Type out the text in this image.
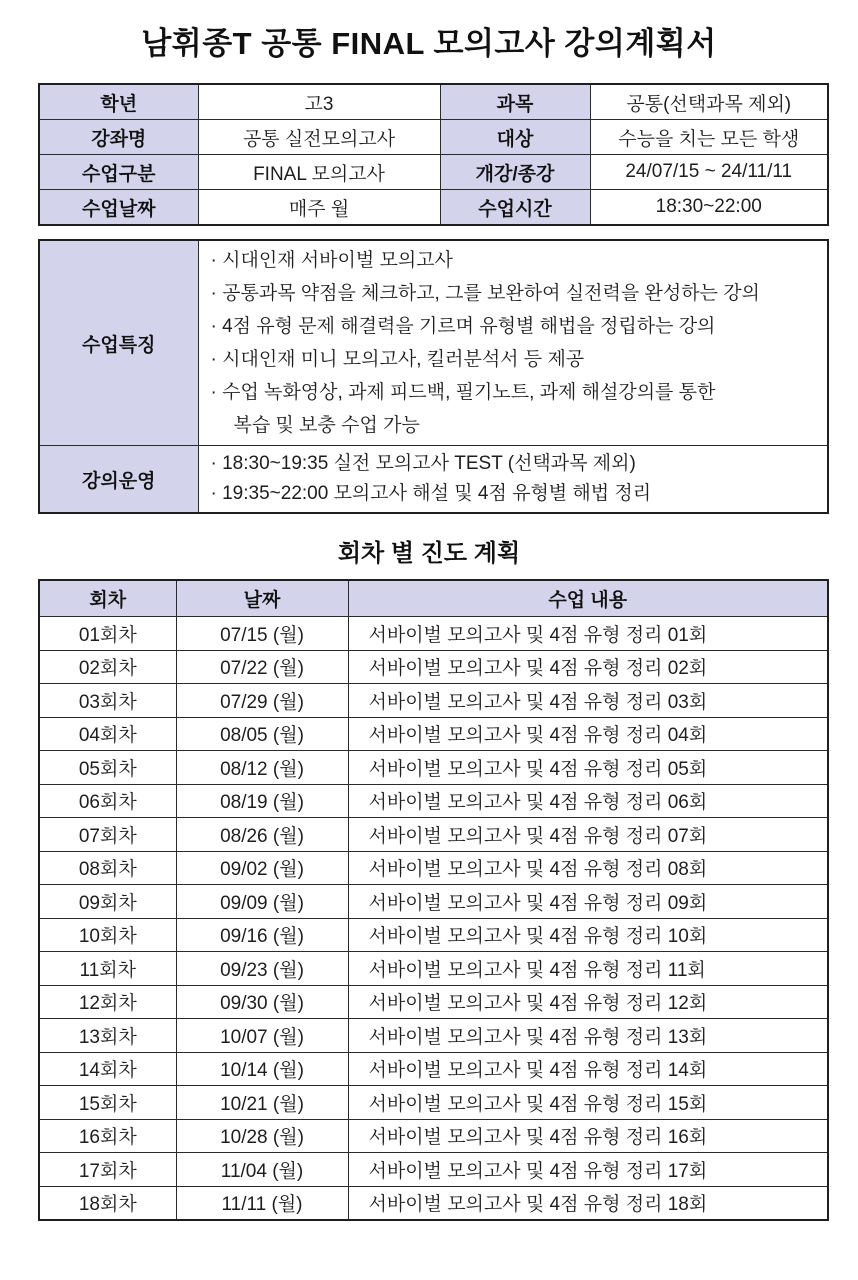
남휘종T 공통 FINAL 모의고사 강의계획서
학년	고3	과목	공통(선택과목 제외)
강좌명	공통 실전모의고사	대상	수능을 치는 모든 학생
수업구분	FINAL 모의고사	개강/종강	24/07/15 ~ 24/11/11
수업날짜	매주 월	수업시간	18:30~22:00
수업특징	
· 시대인재 서바이벌 모의고사
· 공통과목 약점을 체크하고, 그를 보완하여 실전력을 완성하는 강의
· 4점 유형 문제 해결력을 기르며 유형별 해법을 정립하는 강의
· 시대인재 미니 모의고사, 킬러분석서 등 제공
· 수업 녹화영상, 과제 피드백, 필기노트, 과제 해설강의를 통한
복습 및 보충 수업 가능

강의운영	· 18:30~19:35 실전 모의고사 TEST (선택과목 제외)
· 19:35~22:00 모의고사 해설 및 4점 유형별 해법 정리
회차 별 진도 계획
회차	날짜	수업 내용
01회차	07/15 (월)	서바이벌 모의고사 및 4점 유형 정리 01회
02회차	07/22 (월)	서바이벌 모의고사 및 4점 유형 정리 02회
03회차	07/29 (월)	서바이벌 모의고사 및 4점 유형 정리 03회
04회차	08/05 (월)	서바이벌 모의고사 및 4점 유형 정리 04회
05회차	08/12 (월)	서바이벌 모의고사 및 4점 유형 정리 05회
06회차	08/19 (월)	서바이벌 모의고사 및 4점 유형 정리 06회
07회차	08/26 (월)	서바이벌 모의고사 및 4점 유형 정리 07회
08회차	09/02 (월)	서바이벌 모의고사 및 4점 유형 정리 08회
09회차	09/09 (월)	서바이벌 모의고사 및 4점 유형 정리 09회
10회차	09/16 (월)	서바이벌 모의고사 및 4점 유형 정리 10회
11회차	09/23 (월)	서바이벌 모의고사 및 4점 유형 정리 11회
12회차	09/30 (월)	서바이벌 모의고사 및 4점 유형 정리 12회
13회차	10/07 (월)	서바이벌 모의고사 및 4점 유형 정리 13회
14회차	10/14 (월)	서바이벌 모의고사 및 4점 유형 정리 14회
15회차	10/21 (월)	서바이벌 모의고사 및 4점 유형 정리 15회
16회차	10/28 (월)	서바이벌 모의고사 및 4점 유형 정리 16회
17회차	11/04 (월)	서바이벌 모의고사 및 4점 유형 정리 17회
18회차	11/11 (월)	서바이벌 모의고사 및 4점 유형 정리 18회
